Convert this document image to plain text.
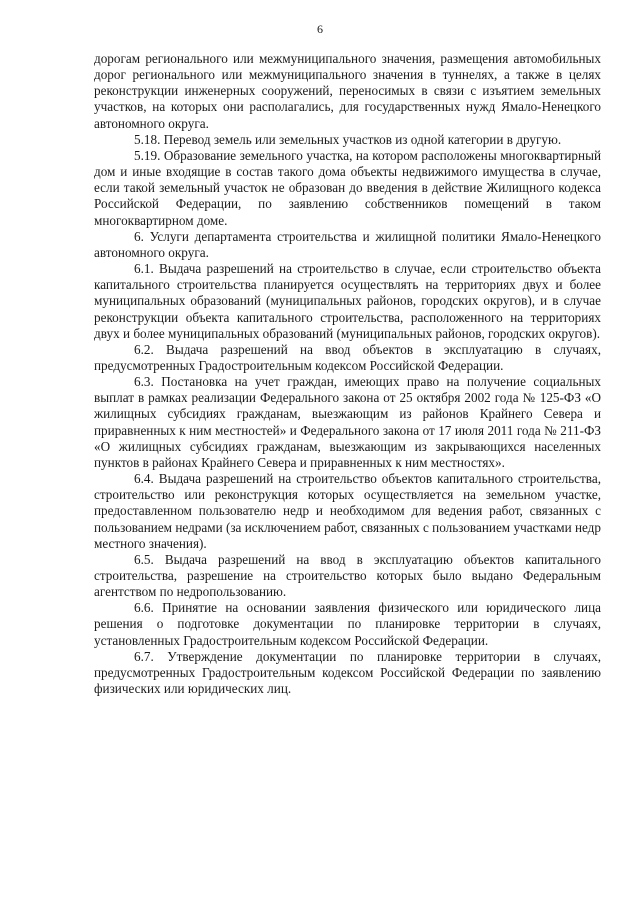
6

дорогам регионального или межмуниципального значения, размещения автомобильных дорог регионального или межмуниципального значения в туннелях, а также в целях реконструкции инженерных сооружений, переносимых в связи с изъятием земельных участков, на которых они располагались, для государственных нужд Ямало-Ненецкого автономного округа.

5.18. Перевод земель или земельных участков из одной категории в другую.

5.19. Образование земельного участка, на котором расположены многоквартирный дом и иные входящие в состав такого дома объекты недвижимого имущества в случае, если такой земельный участок не образован до введения в действие Жилищного кодекса Российской Федерации, по заявлению собственников помещений в таком многоквартирном доме.

6. Услуги департамента строительства и жилищной политики Ямало-Ненецкого автономного округа.

6.1. Выдача разрешений на строительство в случае, если строительство объекта капитального строительства планируется осуществлять на территориях двух и более муниципальных образований (муниципальных районов, городских округов), и в случае реконструкции объекта капитального строительства, расположенного на территориях двух и более муниципальных образований (муниципальных районов, городских округов).

6.2. Выдача разрешений на ввод объектов в эксплуатацию в случаях, предусмотренных Градостроительным кодексом Российской Федерации.

6.3. Постановка на учет граждан, имеющих право на получение социальных выплат в рамках реализации Федерального закона от 25 октября 2002 года № 125-ФЗ «О жилищных субсидиях гражданам, выезжающим из районов Крайнего Севера и приравненных к ним местностей» и Федерального закона от 17 июля 2011 года № 211-ФЗ «О жилищных субсидиях гражданам, выезжающим из закрывающихся населенных пунктов в районах Крайнего Севера и приравненных к ним местностях».

6.4. Выдача разрешений на строительство объектов капитального строительства, строительство или реконструкция которых осуществляется на земельном участке, предоставленном пользователю недр и необходимом для ведения работ, связанных с пользованием недрами (за исключением работ, связанных с пользованием участками недр местного значения).

6.5. Выдача разрешений на ввод в эксплуатацию объектов капитального строительства, разрешение на строительство которых было выдано Федеральным агентством по недропользованию.

6.6. Принятие на основании заявления физического или юридического лица решения о подготовке документации по планировке территории в случаях, установленных Градостроительным кодексом Российской Федерации.

6.7. Утверждение документации по планировке территории в случаях, предусмотренных Градостроительным кодексом Российской Федерации по заявлению физических или юридических лиц.
